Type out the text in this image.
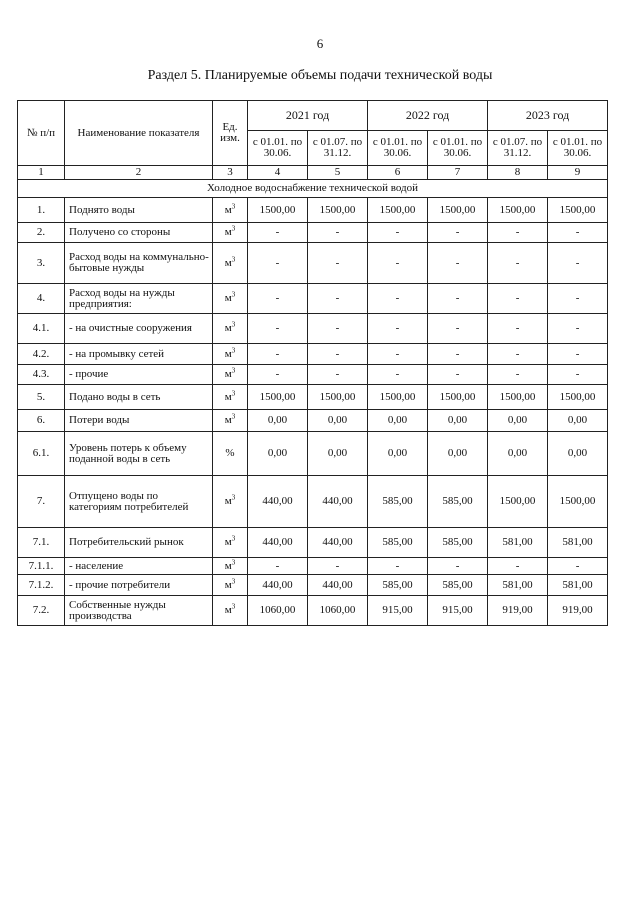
6
Раздел 5. Планируемые объемы подачи технической воды
№ п/п	Наименование показателя	Ед. изм.	2021 год		2022 год		2023 год	
			с 01.01. по 30.06.	с 01.07. по 31.12.	с 01.01. по 30.06.	с 01.01. по 30.06.	с 01.07. по 31.12.	с 01.01. по 30.06.
1	2	3	4	5	6	7	8	9
Холодное водоснабжение технической водой								
1.	Поднято воды	$м^3$	1500,00	1500,00	1500,00	1500,00	1500,00	1500,00
2.	Получено со стороны	$м^3$	-	-	-	-	-	-
3.	Расход воды на коммунально-бытовые нужды	$м^3$	-	-	-	-	-	-
4.	Расход воды на нужды предприятия:	$м^3$	-	-	-	-	-	-
4.1.	- на очистные сооружения	$м^3$	-	-	-	-	-	-
4.2.	- на промывку сетей	$м^3$	-	-	-	-	-	-
4.3.	- прочие	$м^3$	-	-	-	-	-	-
5.	Подано воды в сеть	$м^3$	1500,00	1500,00	1500,00	1500,00	1500,00	1500,00
6.	Потери воды	$м^3$	0,00	0,00	0,00	0,00	0,00	0,00
6.1.	Уровень потерь к объему поданной воды в сеть	%	0,00	0,00	0,00	0,00	0,00	0,00
7.	Отпущено воды по категориям потребителей	$м^3$	440,00	440,00	585,00	585,00	1500,00	1500,00
7.1.	Потребительский рынок	$м^3$	440,00	440,00	585,00	585,00	581,00	581,00
7.1.1.	- население	$м^3$	-	-	-	-	-	-
7.1.2.	- прочие потребители	$м^3$	440,00	440,00	585,00	585,00	581,00	581,00
7.2.	Собственные нужды производства	$м^3$	1060,00	1060,00	915,00	915,00	919,00	919,00
